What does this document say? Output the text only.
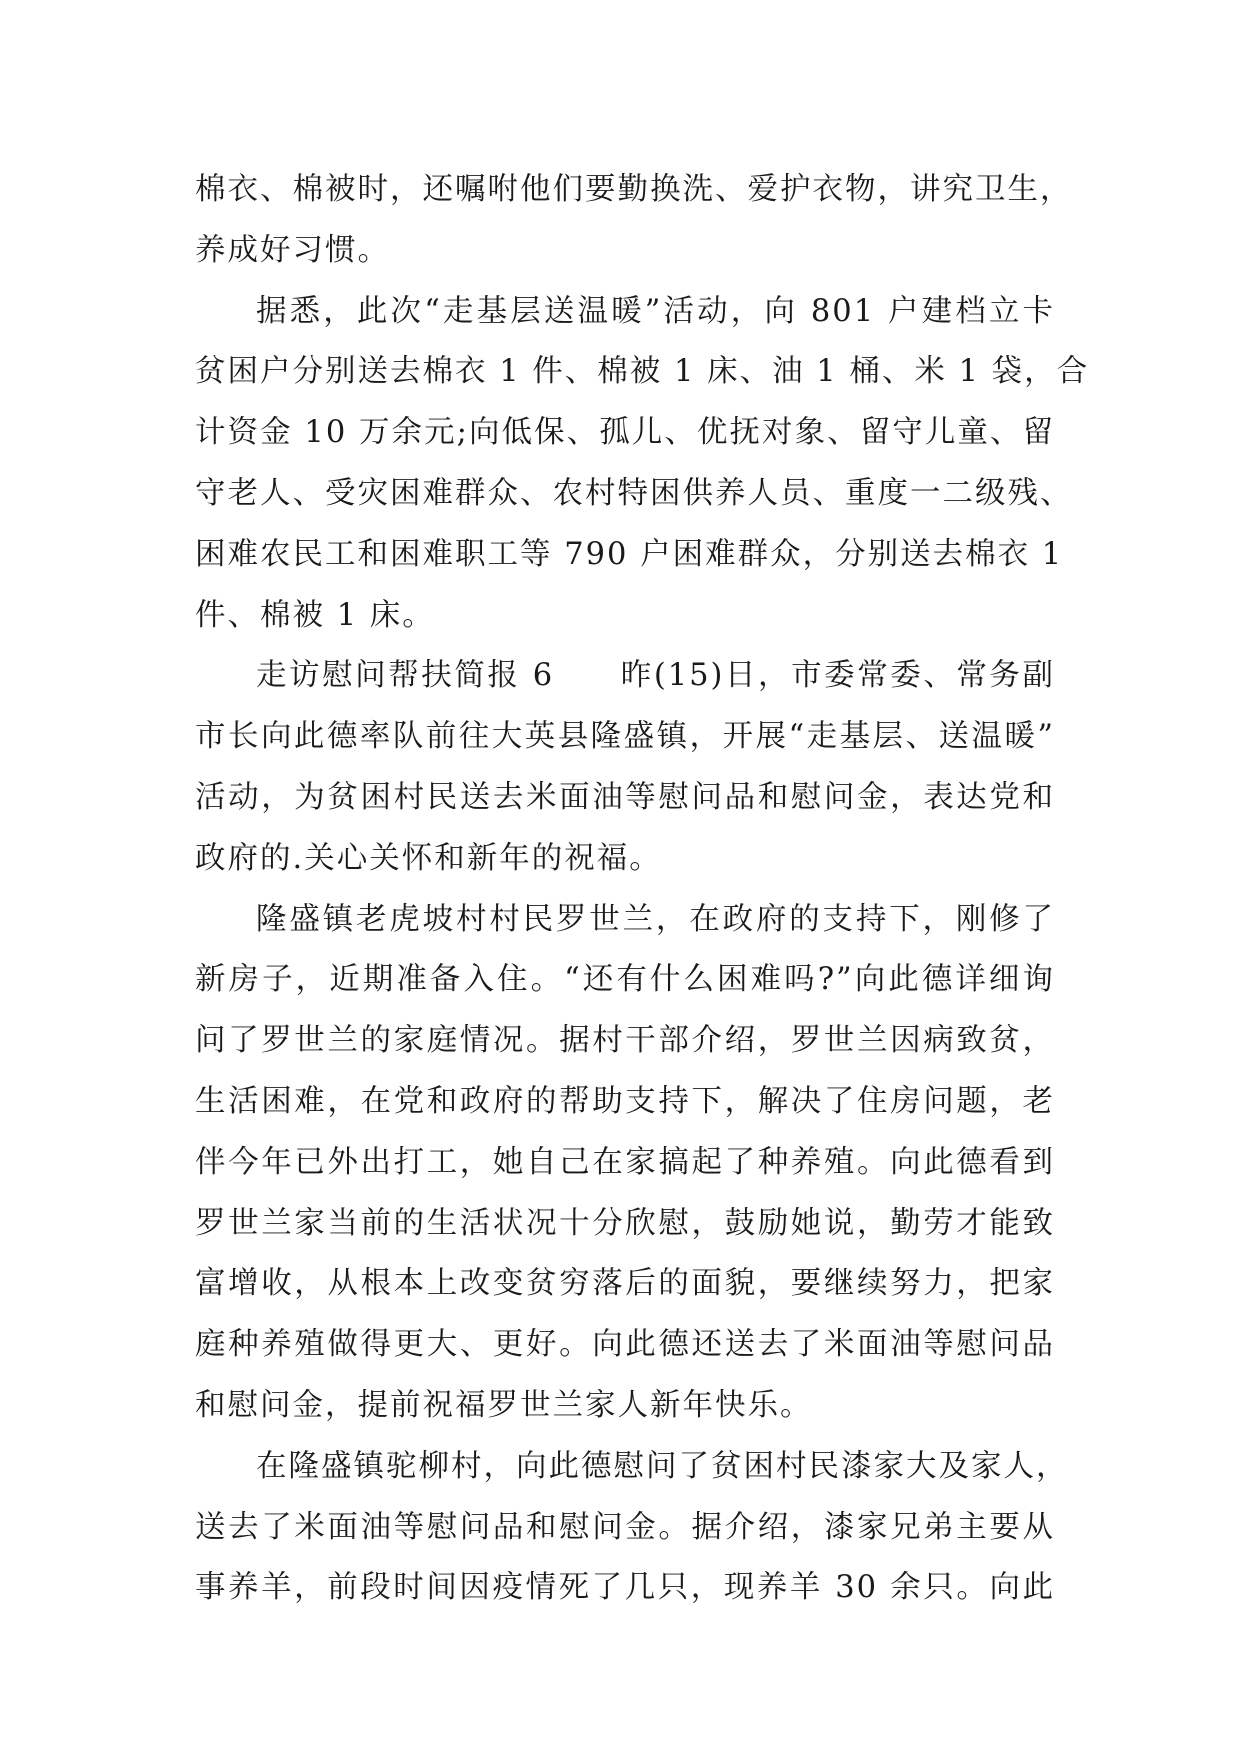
棉衣、棉被时，还嘱咐他们要勤换洗、爱护衣物，讲究卫生，
养成好习惯。

据悉，此次“走基层送温暖”活动，向 801 户建档立卡
贫困户分别送去棉衣 1 件、棉被 1 床、油 1 桶、米 1 袋，合
计资金 10 万余元;向低保、孤儿、优抚对象、留守儿童、留
守老人、受灾困难群众、农村特困供养人员、重度一二级残、
困难农民工和困难职工等 790 户困难群众，分别送去棉衣 1
件、棉被 1 床。

走访慰问帮扶简报 6　　昨(15)日，市委常委、常务副
市长向此德率队前往大英县隆盛镇，开展“走基层、送温暖”
活动，为贫困村民送去米面油等慰问品和慰问金，表达党和
政府的.关心关怀和新年的祝福。

隆盛镇老虎坡村村民罗世兰，在政府的支持下，刚修了
新房子，近期准备入住。“还有什么困难吗?”向此德详细询
问了罗世兰的家庭情况。据村干部介绍，罗世兰因病致贫，
生活困难，在党和政府的帮助支持下，解决了住房问题，老
伴今年已外出打工，她自己在家搞起了种养殖。向此德看到
罗世兰家当前的生活状况十分欣慰，鼓励她说，勤劳才能致
富增收，从根本上改变贫穷落后的面貌，要继续努力，把家
庭种养殖做得更大、更好。向此德还送去了米面油等慰问品
和慰问金，提前祝福罗世兰家人新年快乐。

在隆盛镇驼柳村，向此德慰问了贫困村民漆家大及家人，
送去了米面油等慰问品和慰问金。据介绍，漆家兄弟主要从
事养羊，前段时间因疫情死了几只，现养羊 30 余只。向此
